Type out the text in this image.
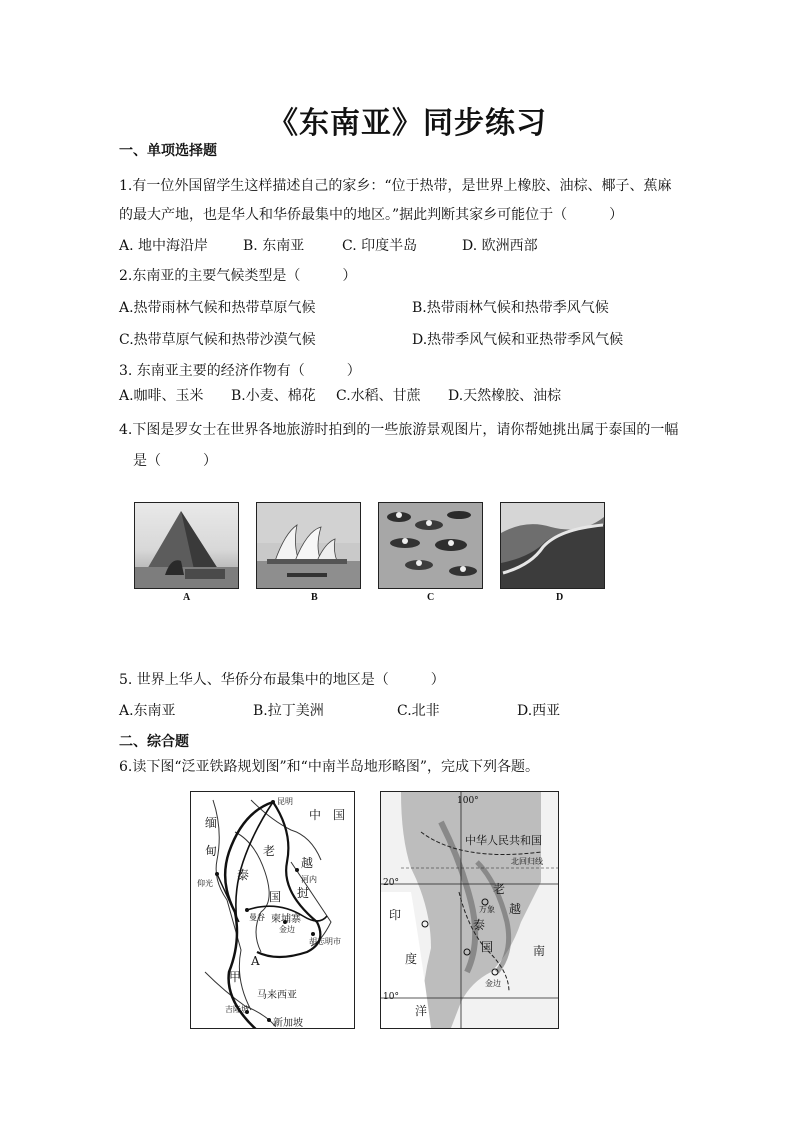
《东南亚》同步练习
一、单项选择题
1.有一位外国留学生这样描述自己的家乡：“位于热带，是世界上橡胶、油棕、椰子、蕉麻
的最大产地，也是华人和华侨最集中的地区。”据此判断其家乡可能位于（　　　）
A. 地中海沿岸 B. 东南亚	C. 印度半岛	D. 欧洲西部
2.东南亚的主要气候类型是（　　　）
A.热带雨林气候和热带草原气候	B.热带雨林气候和热带季风气候
C.热带草原气候和热带沙漠气候	D.热带季风气候和亚热带季风气候
3. 东南亚主要的经济作物有（　　　）
A.咖啡、玉米 B.小麦、棉花 C.水稻、甘蔗 D.天然橡胶、油棕
4.下图是罗女士在世界各地旅游时拍到的一些旅游景观图片，请你帮她挑出属于泰国的一幅
是（　　　）
A	B	C	D
5. 世界上华人、华侨分布最集中的地区是（　　　）
A.东南亚	B.拉丁美洲	C.北非	D.西亚
二、综合题
6.读下图“泛亚铁路规划图”和“中南半岛地形略图”，完成下列各题。
缅
甸
中 国
老
泰
国 挝
越
柬埔寨
马来西亚
A
甲
昆明
河内
仰光
曼谷
金边
胡志明市
吉隆坡
新加坡
100°
中华人民共和国
北回归线
20°
10°
印
度
洋
泰
国
越
南
老
万象
金边
